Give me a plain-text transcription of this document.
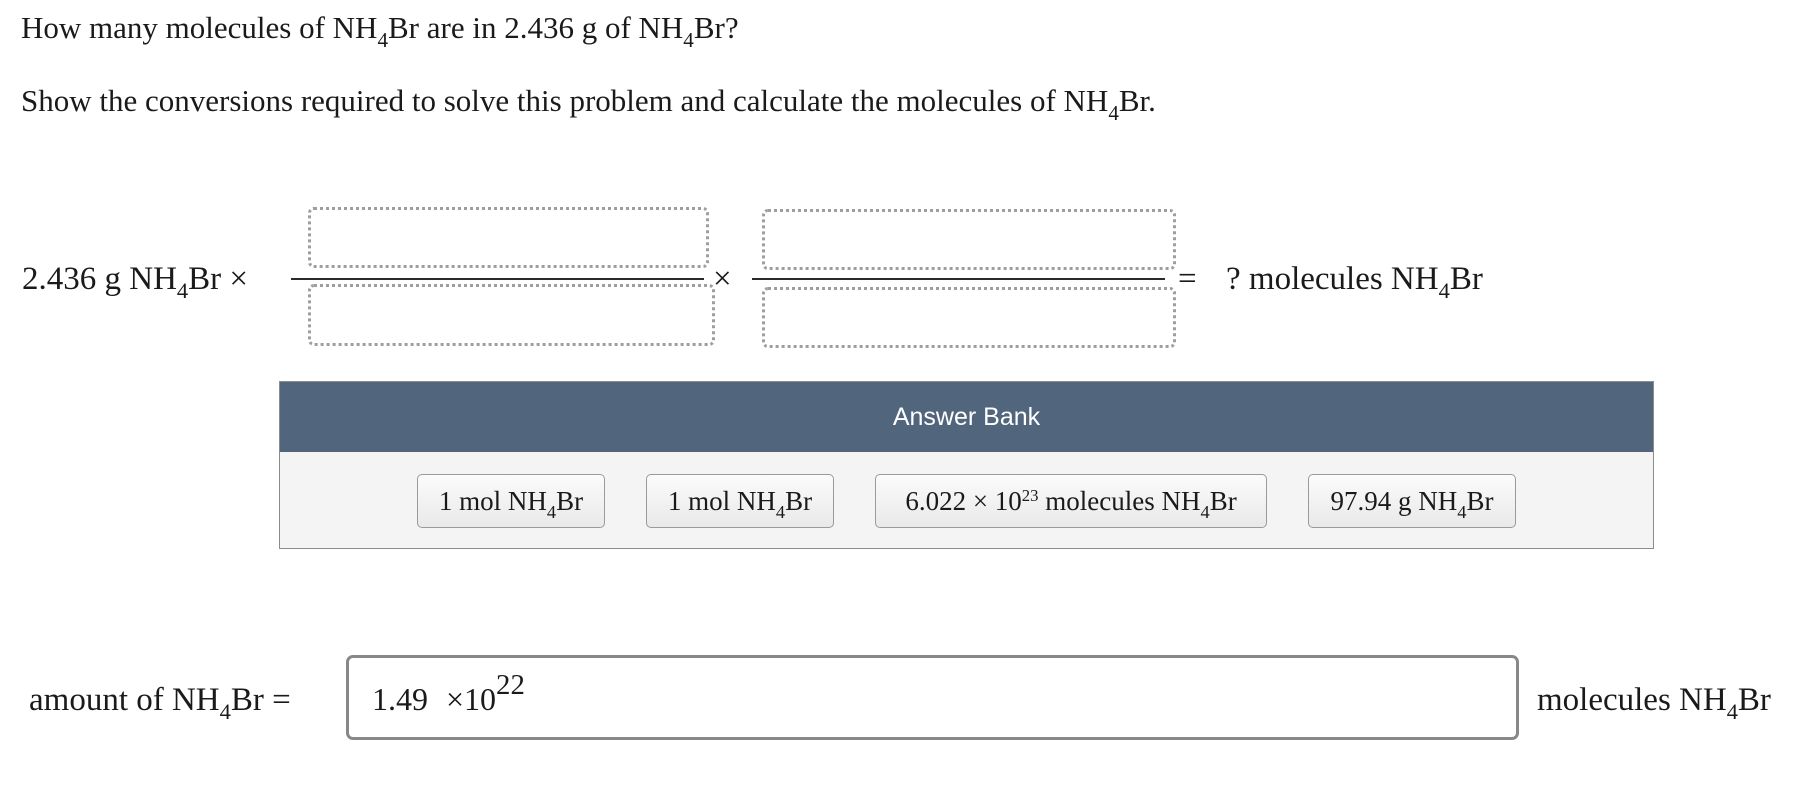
How many molecules of $NH_4Br$ are in 2.436 g of $NH_4Br$?
Show the conversions required to solve this problem and calculate the molecules of $NH_4Br$.
2.436 g $NH_4Br$ ×	×	= ? molecules $NH_4Br$
Answer Bank
1 mol $NH_4Br$	1 mol $NH_4Br$	$6.022 \times 10^{23}$ molecules $NH_4Br$	97.94 g $NH_4Br$
amount of $NH_4Br$ =	1.49 ×1022	molecules $NH_4Br$
